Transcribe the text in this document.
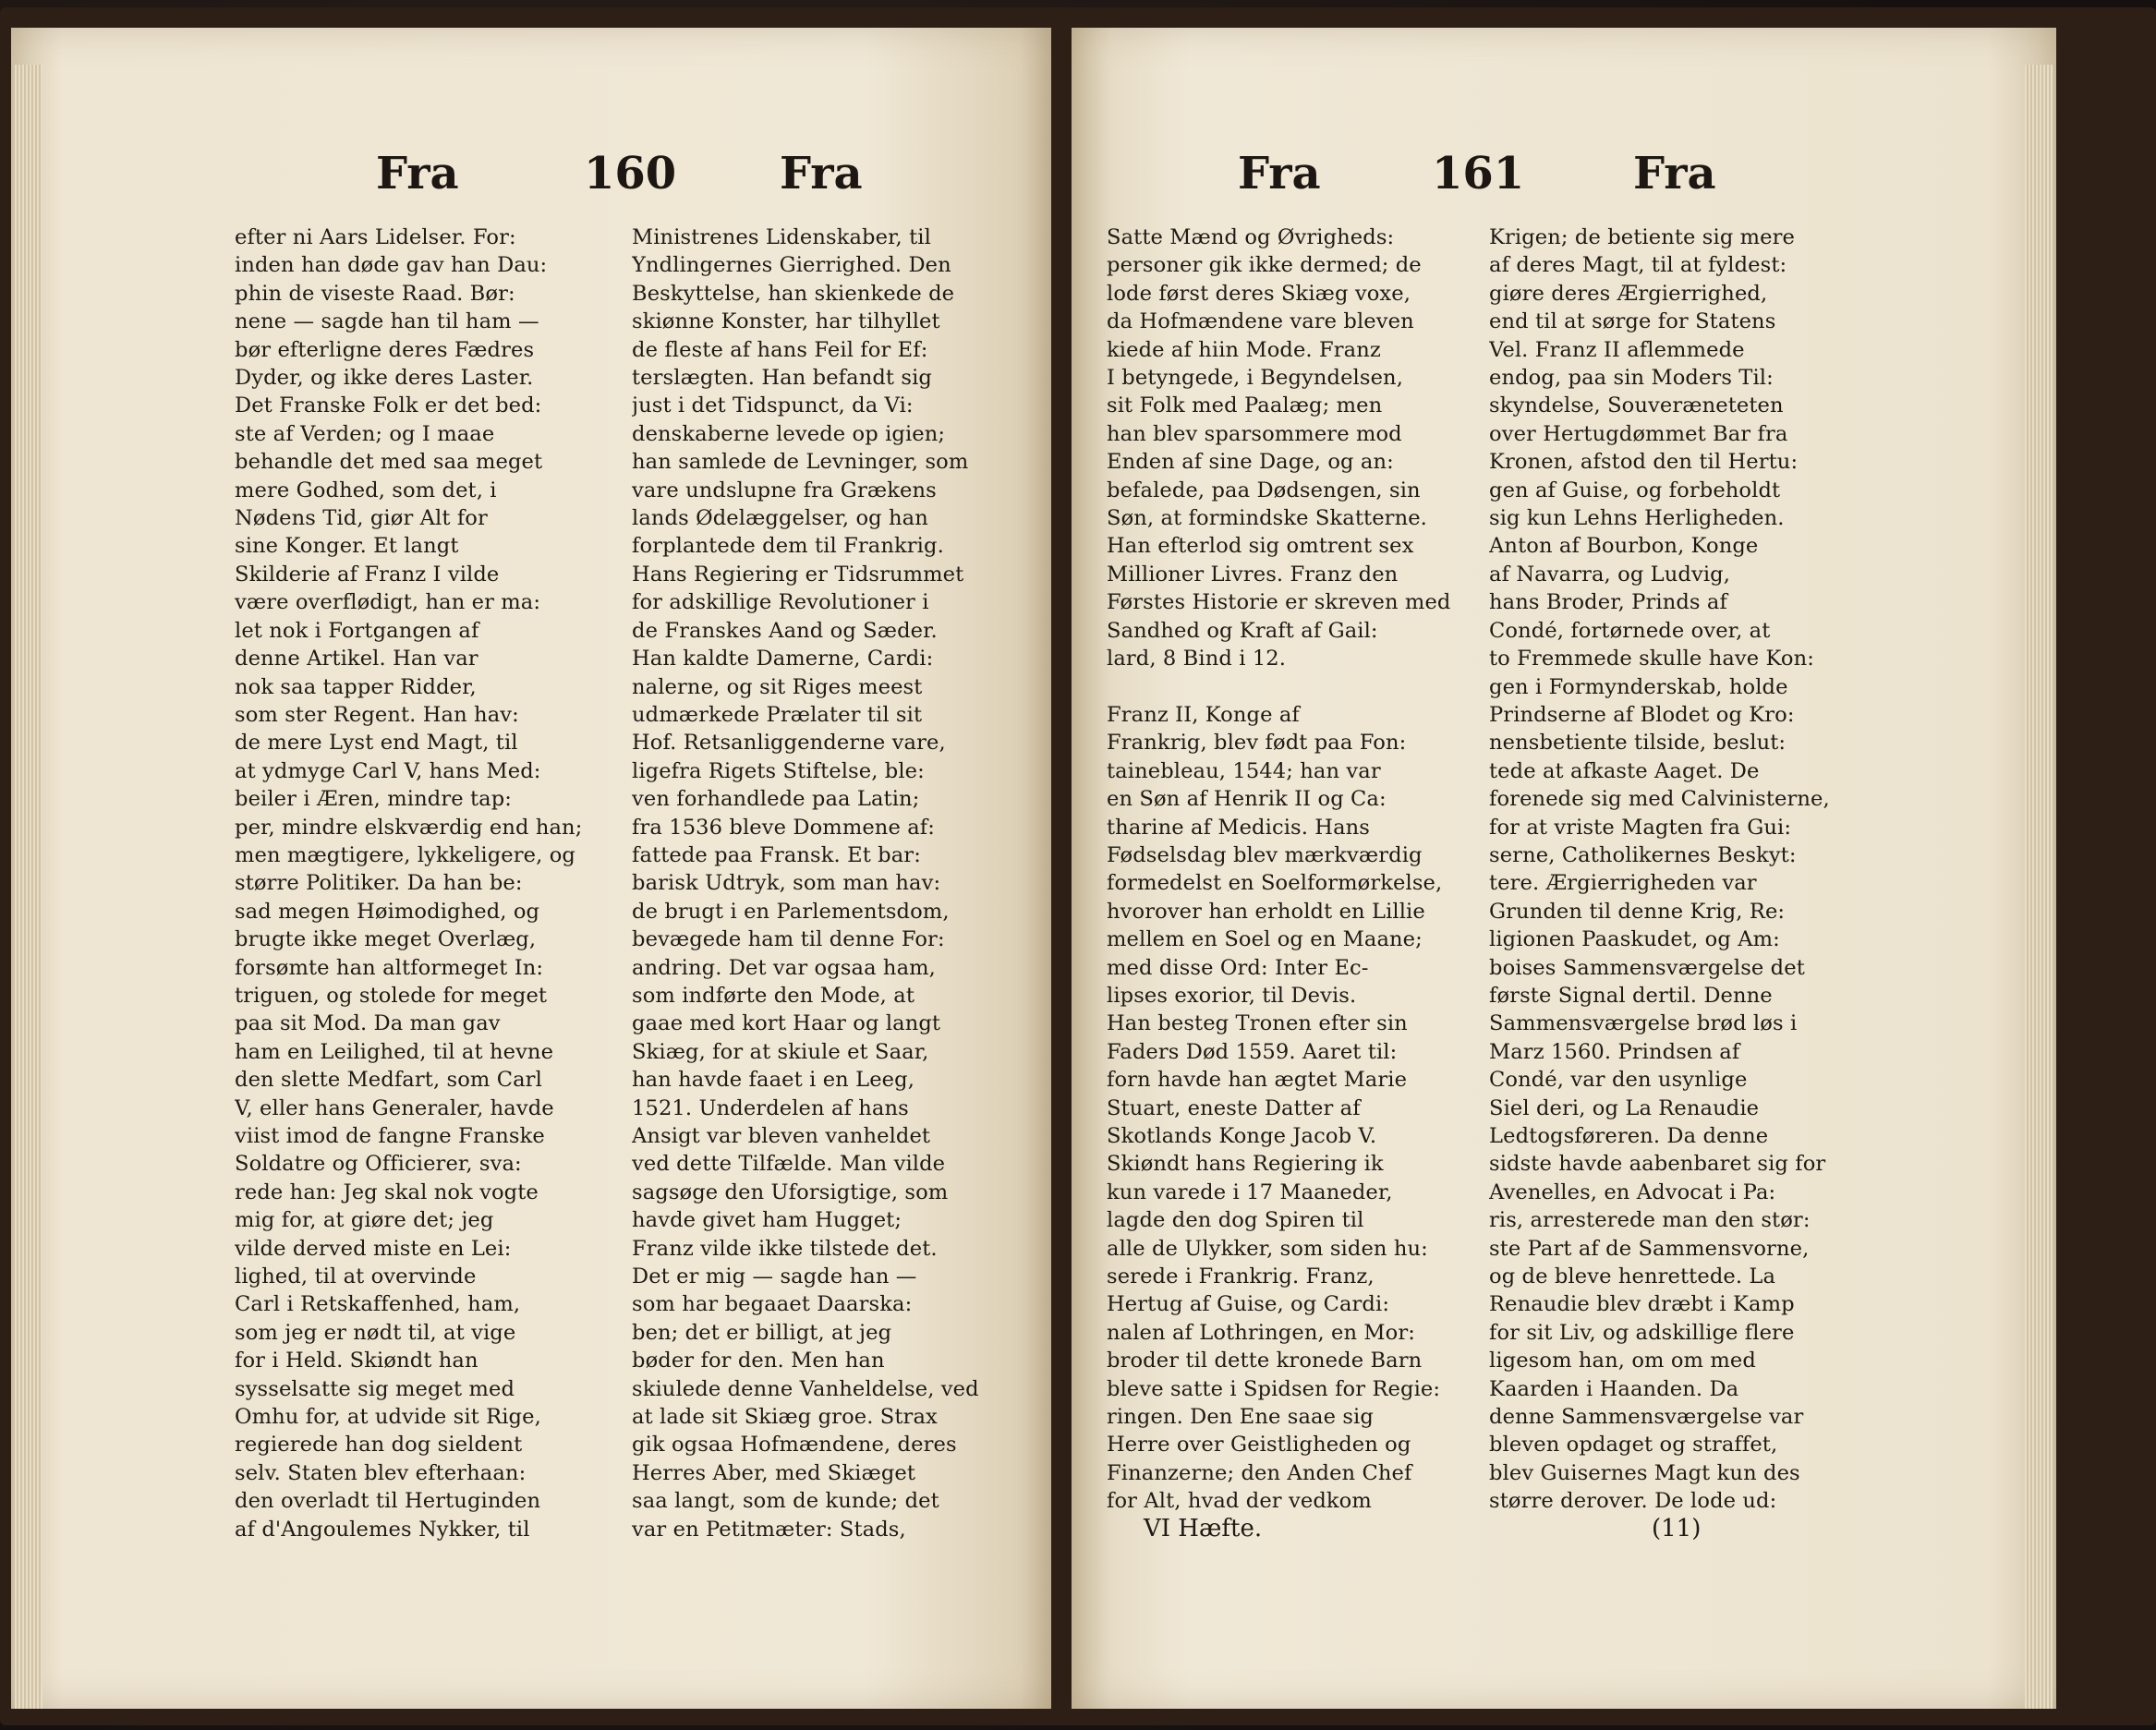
Fra	160 Fra
efter ni Aars Lidelser. For:
inden han døde gav han Dau:
phin de viseste Raad. Bør:
nene — sagde han til ham —
bør efterligne deres Fædres
Dyder, og ikke deres Laster.
Det Franske Folk er det bed:
ste af Verden; og I maae
behandle det med saa meget
mere Godhed, som det, i
Nødens Tid, giør Alt for
sine Konger. Et langt
Skilderie af Franz I vilde
være overflødigt, han er ma:
let nok i Fortgangen af
denne Artikel. Han var
nok saa tapper Ridder,
som ster Regent. Han hav:
de mere Lyst end Magt, til
at ydmyge Carl V, hans Med:
beiler i Æren, mindre tap:
per, mindre elskværdig end han;
men mægtigere, lykkeligere, og
større Politiker. Da han be:
sad megen Høimodighed, og
brugte ikke meget Overlæg,
forsømte han altformeget In:
triguen, og stolede for meget
paa sit Mod. Da man gav
ham en Leilighed, til at hevne
den slette Medfart, som Carl
V, eller hans Generaler, havde
viist imod de fangne Franske
Soldatre og Officierer, sva:
rede han: Jeg skal nok vogte
mig for, at giøre det; jeg
vilde derved miste en Lei:
lighed, til at overvinde
Carl i Retskaffenhed, ham,
som jeg er nødt til, at vige
for i Held. Skiøndt han
sysselsatte sig meget med
Omhu for, at udvide sit Rige,
regierede han dog sieldent
selv. Staten blev efterhaan:
den overladt til Hertuginden
af d'Angoulemes Nykker, til
Ministrenes Lidenskaber, til
Yndlingernes Gierrighed. Den
Beskyttelse, han skienkede de
skiønne Konster, har tilhyllet
de fleste af hans Feil for Ef:
terslægten. Han befandt sig
just i det Tidspunct, da Vi:
denskaberne levede op igien;
han samlede de Levninger, som
vare undslupne fra Grækens
lands Ødelæggelser, og han
forplantede dem til Frankrig.
Hans Regiering er Tidsrummet
for adskillige Revolutioner i
de Franskes Aand og Sæder.
Han kaldte Damerne, Cardi:
nalerne, og sit Riges meest
udmærkede Prælater til sit
Hof. Retsanliggenderne vare,
ligefra Rigets Stiftelse, ble:
ven forhandlede paa Latin;
fra 1536 bleve Dommene af:
fattede paa Fransk. Et bar:
barisk Udtryk, som man hav:
de brugt i en Parlementsdom,
bevægede ham til denne For:
andring. Det var ogsaa ham,
som indførte den Mode, at
gaae med kort Haar og langt
Skiæg, for at skiule et Saar,
han havde faaet i en Leeg,
1521. Underdelen af hans
Ansigt var bleven vanheldet
ved dette Tilfælde. Man vilde
sagsøge den Uforsigtige, som
havde givet ham Hugget;
Franz vilde ikke tilstede det.
Det er mig — sagde han —
som har begaaet Daarska:
ben; det er billigt, at jeg
bøder for den. Men han
skiulede denne Vanheldelse, ved
at lade sit Skiæg groe. Strax
gik ogsaa Hofmændene, deres
Herres Aber, med Skiæget
saa langt, som de kunde; det
var en Petitmæter: Stads,
Fra	161 Fra
Satte Mænd og Øvrigheds:
personer gik ikke dermed; de
lode først deres Skiæg voxe,
da Hofmændene vare bleven
kiede af hiin Mode. Franz
I betyngede, i Begyndelsen,
sit Folk med Paalæg; men
han blev sparsommere mod
Enden af sine Dage, og an:
befalede, paa Dødsengen, sin
Søn, at formindske Skatterne.
Han efterlod sig omtrent sex
Millioner Livres. Franz den
Førstes Historie er skreven med
Sandhed og Kraft af Gail:
lard, 8 Bind i 12.

Franz II, Konge af
Frankrig, blev født paa Fon:
tainebleau, 1544; han var
en Søn af Henrik II og Ca:
tharine af Medicis. Hans
Fødselsdag blev mærkværdig
formedelst en Soelformørkelse,
hvorover han erholdt en Lillie
mellem en Soel og en Maane;
med disse Ord: Inter Ec-
lipses exorior, til Devis.
Han besteg Tronen efter sin
Faders Død 1559. Aaret til:
forn havde han ægtet Marie
Stuart, eneste Datter af
Skotlands Konge Jacob V.
Skiøndt hans Regiering ik
kun varede i 17 Maaneder,
lagde den dog Spiren til
alle de Ulykker, som siden hu:
serede i Frankrig. Franz,
Hertug af Guise, og Cardi:
nalen af Lothringen, en Mor:
broder til dette kronede Barn
bleve satte i Spidsen for Regie:
ringen. Den Ene saae sig
Herre over Geistligheden og
Finanzerne; den Anden Chef
for Alt, hvad der vedkom
Krigen; de betiente sig mere
af deres Magt, til at fyldest:
giøre deres Ærgierrighed,
end til at sørge for Statens
Vel. Franz II aflemmede
endog, paa sin Moders Til:
skyndelse, Souveræneteten
over Hertugdømmet Bar fra
Kronen, afstod den til Hertu:
gen af Guise, og forbeholdt
sig kun Lehns Herligheden.
Anton af Bourbon, Konge
af Navarra, og Ludvig,
hans Broder, Prinds af
Condé, fortørnede over, at
to Fremmede skulle have Kon:
gen i Formynderskab, holde
Prindserne af Blodet og Kro:
nensbetiente tilside, beslut:
tede at afkaste Aaget. De
forenede sig med Calvinisterne,
for at vriste Magten fra Gui:
serne, Catholikernes Beskyt:
tere. Ærgierrigheden var
Grunden til denne Krig, Re:
ligionen Paaskudet, og Am:
boises Sammensværgelse det
første Signal dertil. Denne
Sammensværgelse brød løs i
Marz 1560. Prindsen af
Condé, var den usynlige
Siel deri, og La Renaudie
Ledtogsføreren. Da denne
sidste havde aabenbaret sig for
Avenelles, en Advocat i Pa:
ris, arresterede man den stør:
ste Part af de Sammensvorne,
og de bleve henrettede. La
Renaudie blev dræbt i Kamp
for sit Liv, og adskillige flere
ligesom han, om om med
Kaarden i Haanden. Da
denne Sammensværgelse var
bleven opdaget og straffet,
blev Guisernes Magt kun des
større derover. De lode ud:
VI Hæfte.	(11)
